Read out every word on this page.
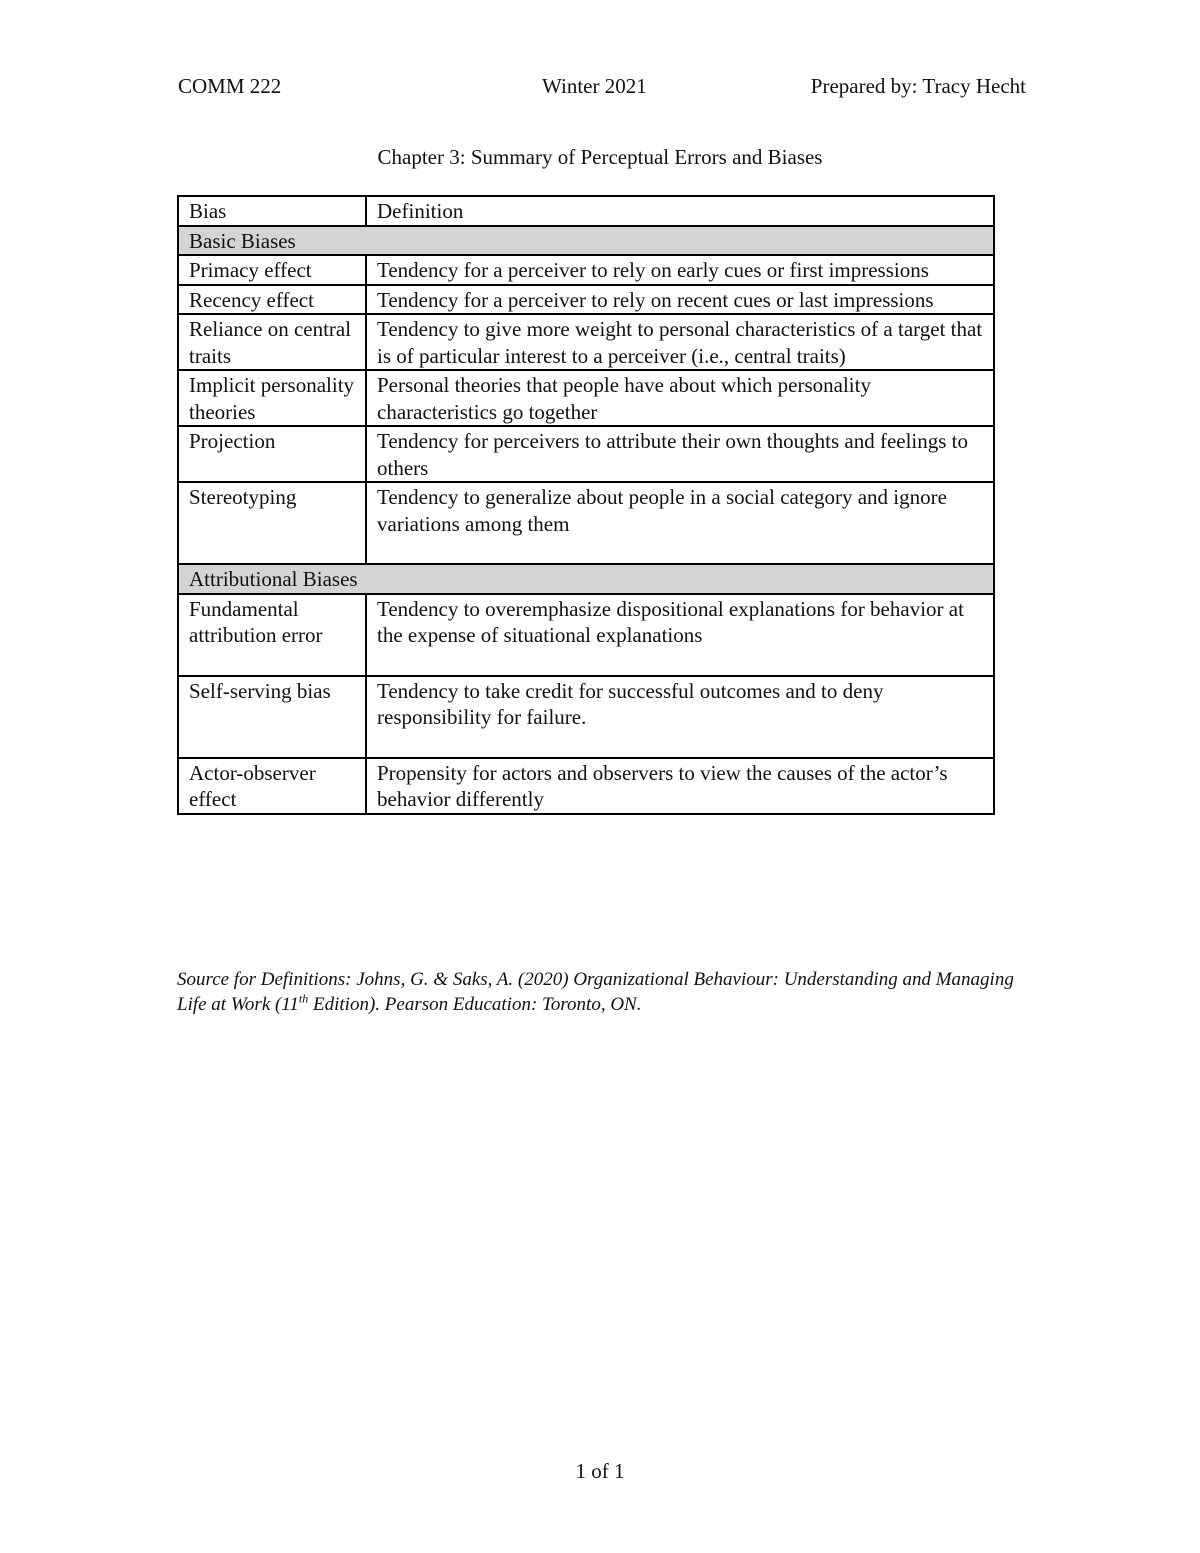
COMM 222	Winter 2021	Prepared by: Tracy Hecht
Chapter 3: Summary of Perceptual Errors and Biases
Bias	Definition
Basic Biases	
Primacy effect	Tendency for a perceiver to rely on early cues or first impressions
Recency effect	Tendency for a perceiver to rely on recent cues or last impressions
Reliance on central traits	Tendency to give more weight to personal characteristics of a target that is of particular interest to a perceiver (i.e., central traits)
Implicit personality theories	Personal theories that people have about which personality characteristics go together
Projection	Tendency for perceivers to attribute their own thoughts and feelings to others
Stereotyping	Tendency to generalize about people in a social category and ignore variations among them
Attributional Biases	
Fundamental attribution error	Tendency to overemphasize dispositional explanations for behavior at the expense of situational explanations
Self-serving bias	Tendency to take credit for successful outcomes and to deny responsibility for failure.
Actor-observer effect	Propensity for actors and observers to view the causes of the actor’s behavior differently
Source for Definitions: Johns, G. & Saks, A. (2020) Organizational Behaviour: Understanding and Managing Life at Work (11th Edition). Pearson Education: Toronto, ON.
1 of 1
